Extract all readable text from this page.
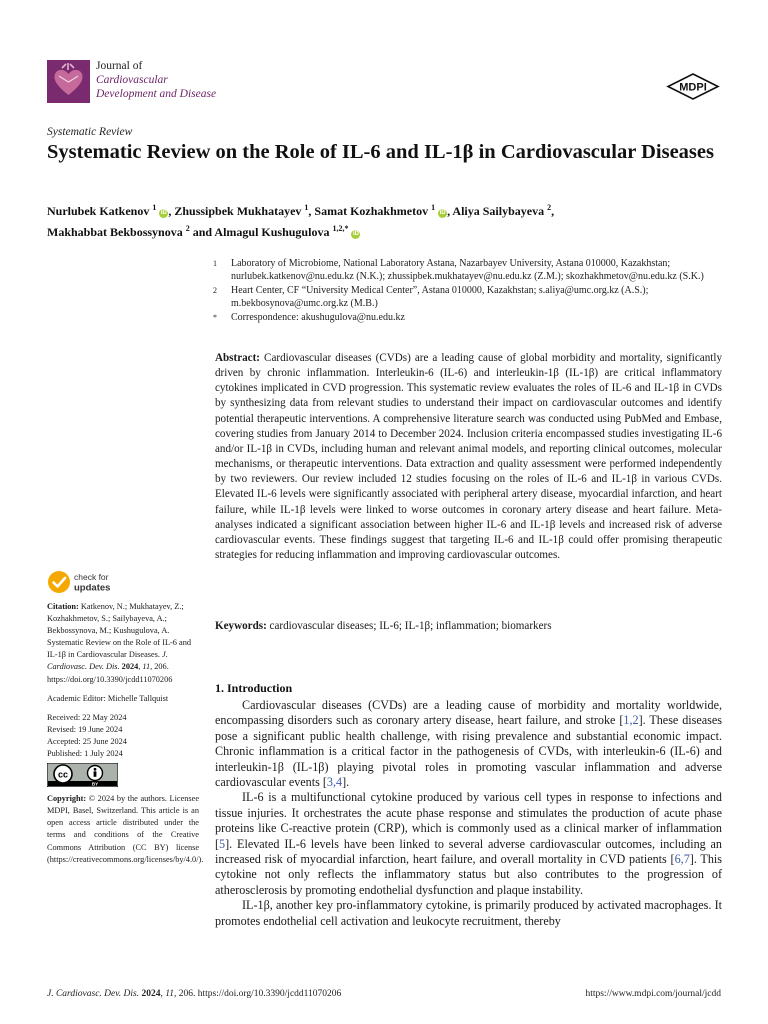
Journal of
Cardiovascular
Development and Disease
MDPI
Systematic Review
Systematic Review on the Role of IL-6 and IL-1β in Cardiovascular Diseases
Nurlubek Katkenov $^1$ iD , Zhussipbek Mukhatayev $^1$, Samat Kozhakhmetov $^1$ iD , Aliya Sailybayeva $^2$,
Makhabbat Bekbossynova $^2$ and Almagul Kushugulova $^{1,2,*}$ iD
1	Laboratory of Microbiome, National Laboratory Astana, Nazarbayev University, Astana 010000, Kazakhstan; nurlubek.katkenov@nu.edu.kz (N.K.); zhussipbek.mukhatayev@nu.edu.kz (Z.M.); skozhakhmetov@nu.edu.kz (S.K.)
2	Heart Center, CF “University Medical Center”, Astana 010000, Kazakhstan; s.aliya@umc.org.kz (A.S.); m.bekbosynova@umc.org.kz (M.B.)
*	Correspondence: akushugulova@nu.edu.kz

Abstract: Cardiovascular diseases (CVDs) are a leading cause of global morbidity and mortality, significantly driven by chronic inflammation. Interleukin-6 (IL-6) and interleukin-1β (IL-1β) are critical inflammatory cytokines implicated in CVD progression. This systematic review evaluates the roles of IL-6 and IL-1β in CVDs by synthesizing data from relevant studies to understand their impact on cardiovascular outcomes and identify potential therapeutic interventions. A comprehensive literature search was conducted using PubMed and Embase, covering studies from January 2014 to December 2024. Inclusion criteria encompassed studies investigating IL-6 and/or IL-1β in CVDs, including human and relevant animal models, and reporting clinical outcomes, molecular mechanisms, or therapeutic interventions. Data extraction and quality assessment were performed independently by two reviewers. Our review included 12 studies focusing on the roles of IL-6 and IL-1β in various CVDs. Elevated IL-6 levels were significantly associated with peripheral artery disease, myocardial infarction, and heart failure, while IL-1β levels were linked to worse outcomes in coronary artery disease and heart failure. Meta-analyses indicated a significant association between higher IL-6 and IL-1β levels and increased risk of adverse cardiovascular events. These findings suggest that targeting IL-6 and IL-1β could offer promising therapeutic strategies for reducing inflammation and improving cardiovascular outcomes.

Keywords: cardiovascular diseases; IL-6; IL-1β; inflammation; biomarkers

check for
updates

Citation: Katkenov, N.; Mukhatayev, Z.; Kozhakhmetov, S.; Sailybayeva, A.; Bekbossynova, M.; Kushugulova, A. Systematic Review on the Role of IL-6 and IL-1β in Cardiovascular Diseases. J. Cardiovasc. Dev. Dis. 2024, 11, 206. https://doi.org/10.3390/jcdd11070206

Academic Editor: Michelle Tallquist

Received: 22 May 2024

Revised: 19 June 2024

Accepted: 25 June 2024

Published: 1 July 2024

cc
BY

Copyright: © 2024 by the authors. Licensee MDPI, Basel, Switzerland. This article is an open access article distributed under the terms and conditions of the Creative Commons Attribution (CC BY) license (https://creativecommons.org/licenses/by/4.0/).

1. Introduction

Cardiovascular diseases (CVDs) are a leading cause of morbidity and mortality worldwide, encompassing disorders such as coronary artery disease, heart failure, and stroke [1,2]. These diseases pose a significant public health challenge, with rising prevalence and substantial economic impact. Chronic inflammation is a critical factor in the pathogenesis of CVDs, with interleukin-6 (IL-6) and interleukin-1β (IL-1β) playing pivotal roles in promoting vascular inflammation and adverse cardiovascular events [3,4].

IL-6 is a multifunctional cytokine produced by various cell types in response to infections and tissue injuries. It orchestrates the acute phase response and stimulates the production of acute phase proteins like C-reactive protein (CRP), which is commonly used as a clinical marker of inflammation [5]. Elevated IL-6 levels have been linked to several adverse cardiovascular outcomes, including an increased risk of myocardial infarction, heart failure, and overall mortality in CVD patients [6,7]. This cytokine not only reflects the inflammatory status but also contributes to the progression of atherosclerosis by promoting endothelial dysfunction and plaque instability.

IL-1β, another key pro-inflammatory cytokine, is primarily produced by activated macrophages. It promotes endothelial cell activation and leukocyte recruitment, thereby

J. Cardiovasc. Dev. Dis. 2024, 11, 206. https://doi.org/10.3390/jcdd11070206	https://www.mdpi.com/journal/jcdd
